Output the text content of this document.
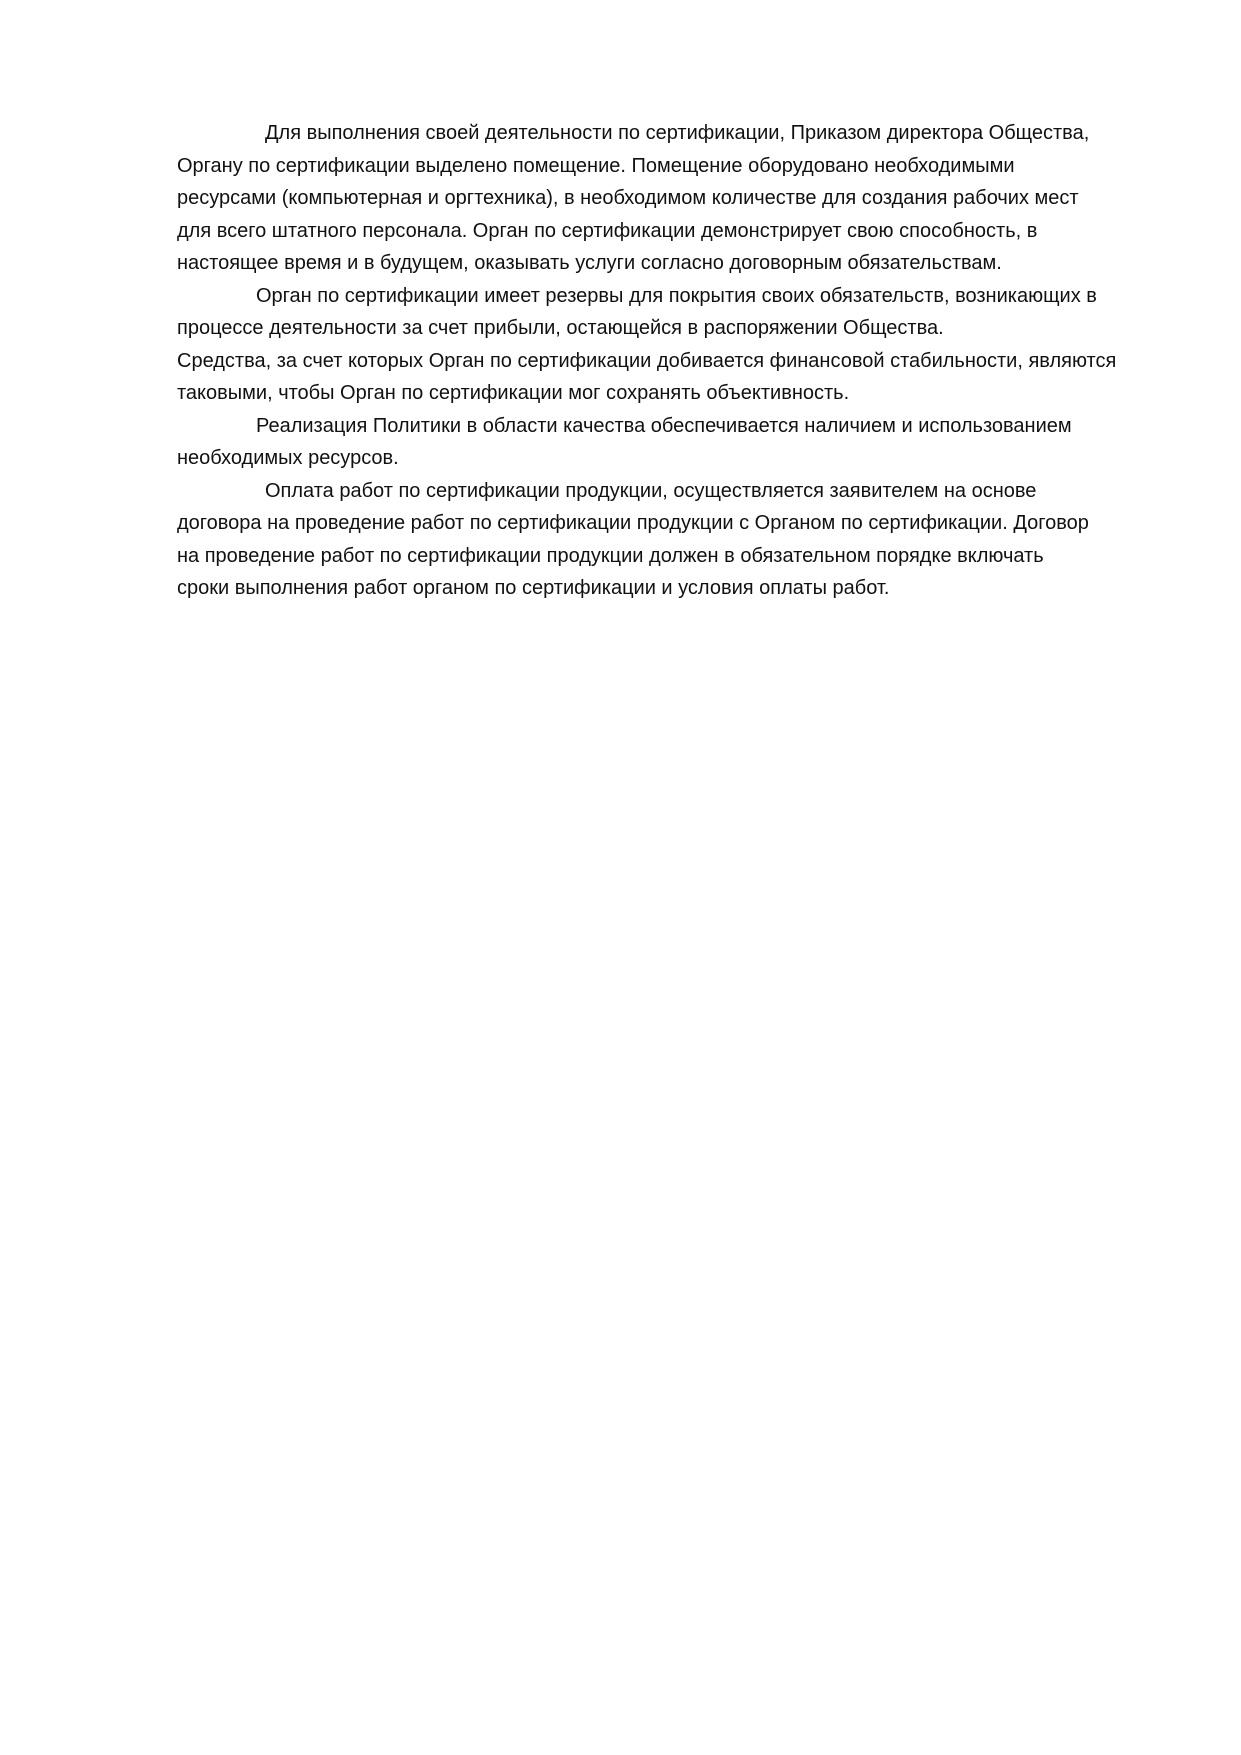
Для выполнения своей деятельности по сертификации, Приказом директора Общества,
Органу по сертификации выделено помещение. Помещение оборудовано необходимыми
ресурсами (компьютерная и оргтехника), в необходимом количестве для создания рабочих мест
для всего штатного персонала. Орган по сертификации демонстрирует свою способность, в
настоящее время и в будущем, оказывать услуги согласно договорным обязательствам.
Орган по сертификации имеет резервы для покрытия своих обязательств, возникающих в
процессе деятельности за счет прибыли, остающейся в распоряжении Общества.
Средства, за счет которых Орган по сертификации добивается финансовой стабильности, являются
таковыми, чтобы Орган по сертификации мог сохранять объективность.
Реализация Политики в области качества обеспечивается наличием и использованием
необходимых ресурсов.
Оплата работ по сертификации продукции, осуществляется заявителем на основе
договора на проведение работ по сертификации продукции с Органом по сертификации. Договор
на проведение работ по сертификации продукции должен в обязательном порядке включать
сроки выполнения работ органом по сертификации и условия оплаты работ.
